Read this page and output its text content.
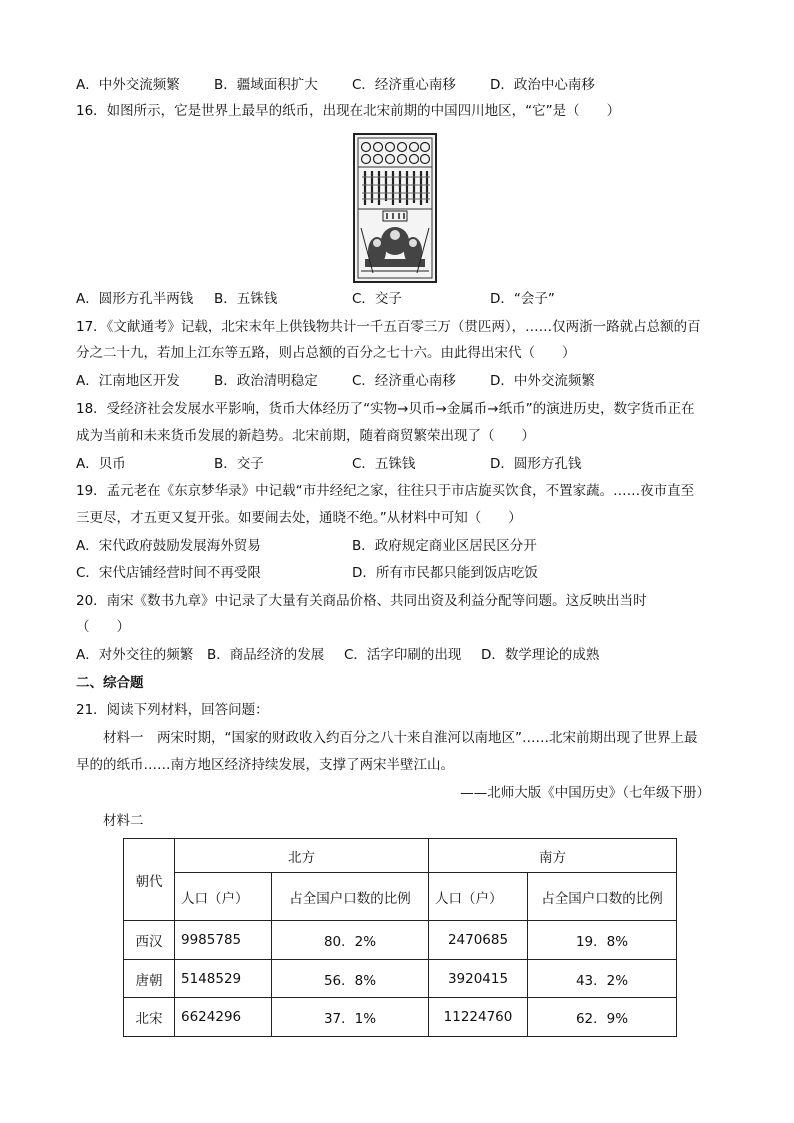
A．中外交流频繁	B．疆域面积扩大	C．经济重心南移	D．政治中心南移
16．如图所示，它是世界上最早的纸币，出现在北宋前期的中国四川地区，“它”是（　　）
A．圆形方孔半两钱 B．五铢钱	C．交子	D．“会子”
17．《文献通考》记载，北宋末年上供钱物共计一千五百零三万（贯匹两），……仅两浙一路就占总额的百
分之二十九，若加上江东等五路，则占总额的百分之七十六。由此得出宋代（　　）
A．江南地区开发	B．政治清明稳定	C．经济重心南移	D．中外交流频繁
18．受经济社会发展水平影响，货币大体经历了“实物→贝币→金属币→纸币”的演进历史，数字货币正在
成为当前和未来货币发展的新趋势。北宋前期，随着商贸繁荣出现了（　　）
A．贝币	B．交子	C．五铢钱	D．圆形方孔钱
19．孟元老在《东京梦华录》中记载“市井经纪之家，往往只于市店旋买饮食，不置家蔬。……夜市直至
三更尽，才五更又复开张。如要闹去处，通晓不绝。”从材料中可知（　　）
A．宋代政府鼓励发展海外贸易	B．政府规定商业区居民区分开
C．宋代店铺经营时间不再受限	D．所有市民都只能到饭店吃饭
20．南宋《数书九章》中记录了大量有关商品价格、共同出资及利益分配等问题。这反映出当时
（　　）
A．对外交往的频繁 B．商品经济的发展 C．活字印刷的出现 D．数学理论的成熟
二、综合题
21．阅读下列材料，回答问题：
材料一　两宋时期，“国家的财政收入约百分之八十来自淮河以南地区”……北宋前期出现了世界上最
早的的纸币……南方地区经济持续发展，支撑了两宋半壁江山。
——北师大版《中国历史》（七年级下册）
材料二
朝代	北方		南方	
	人口（户）	占全国户口数的比例	人口（户）	占全国户口数的比例
西汉	9985785	80．2%	2470685	19．8%
唐朝	5148529	56．8%	3920415	43．2%
北宋	6624296	37．1%	11224760	62．9%
